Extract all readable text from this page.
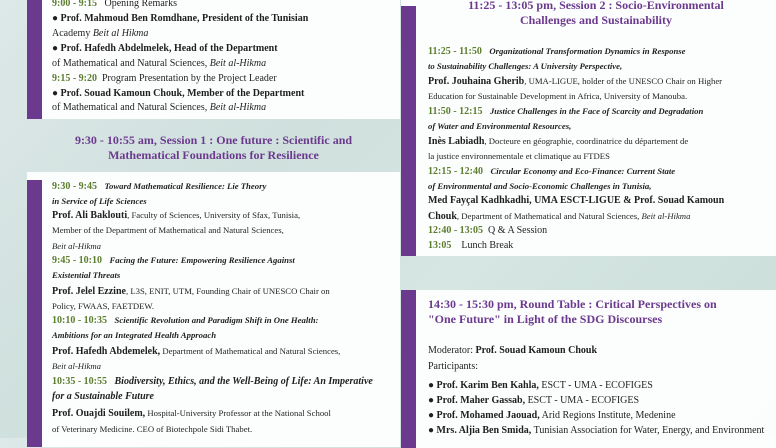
9:00 - 9:15 Opening Remarks
● Prof. Mahmoud Ben Romdhane, President of the Tunisian
Academy Beit al Hikma
● Prof. Hafedh Abdelmelek, Head of the Department
of Mathematical and Natural Sciences, Beit al-Hikma
9:15 - 9:20 Program Presentation by the Project Leader
● Prof. Souad Kamoun Chouk, Member of the Department
of Mathematical and Natural Sciences, Beit al-Hikma
9:30 - 10:55 am, Session 1 : One future : Scientific and
Mathematical Foundations for Resilience
9:30 - 9:45 Toward Mathematical Resilience: Lie Theory
in Service of Life Sciences
Prof. Ali Baklouti, Faculty of Sciences, University of Sfax, Tunisia,
Member of the Department of Mathematical and Natural Sciences,
Beit al-Hikma
9:45 - 10:10 Facing the Future: Empowering Resilience Against
Existential Threats
Prof. Jelel Ezzine, L3S, ENIT, UTM, Founding Chair of UNESCO Chair on
Policy, FWAAS, FAETDEW.
10:10 - 10:35 Scientific Revolution and Paradigm Shift in One Health:
Ambitions for an Integrated Health Approach
Prof. Hafedh Abdemelek, Department of Mathematical and Natural Sciences,
Beit al-Hikma
10:35 - 10:55 Biodiversity, Ethics, and the Well-Being of Life: An Imperative
for a Sustainable Future
Prof. Ouajdi Souilem, Hospital-University Professor at the National School
of Veterinary Medicine. CEO of Biotechpole Sidi Thabet.
11:25 - 13:05 pm, Session 2 : Socio-Environmental
Challenges and Sustainability
11:25 - 11:50 Organizational Transformation Dynamics in Response
to Sustainability Challenges: A University Perspective,
Prof. Jouhaina Gherib, UMA-LIGUE, holder of the UNESCO Chair on Higher
Education for Sustainable Development in Africa, University of Manouba.
11:50 - 12:15 Justice Challenges in the Face of Scarcity and Degradation
of Water and Environmental Resources,
Inès Labiadh, Docteure en géographie, coordinatrice du département de
la justice environnementale et climatique au FTDES
12:15 - 12:40 Circular Economy and Eco-Finance: Current State
of Environmental and Socio-Economic Challenges in Tunisia,
Med Fayçal Kadhkadhi, UMA ESCT-LIGUE & Prof. Souad Kamoun
Chouk, Department of Mathematical and Natural Sciences, Beit al-Hikma
12:40 - 13:05 Q & A Session
13:05 Lunch Break
14:30 - 15:30 pm, Round Table : Critical Perspectives on
"One Future" in Light of the SDG Discourses
Moderator: Prof. Souad Kamoun Chouk
Participants:
● Prof. Karim Ben Kahla, ESCT - UMA - ECOFIGES
● Prof. Maher Gassab, ESCT - UMA - ECOFIGES
● Prof. Mohamed Jaouad, Arid Regions Institute, Medenine
● Mrs. Aljia Ben Smida, Tunisian Association for Water, Energy, and Environment
